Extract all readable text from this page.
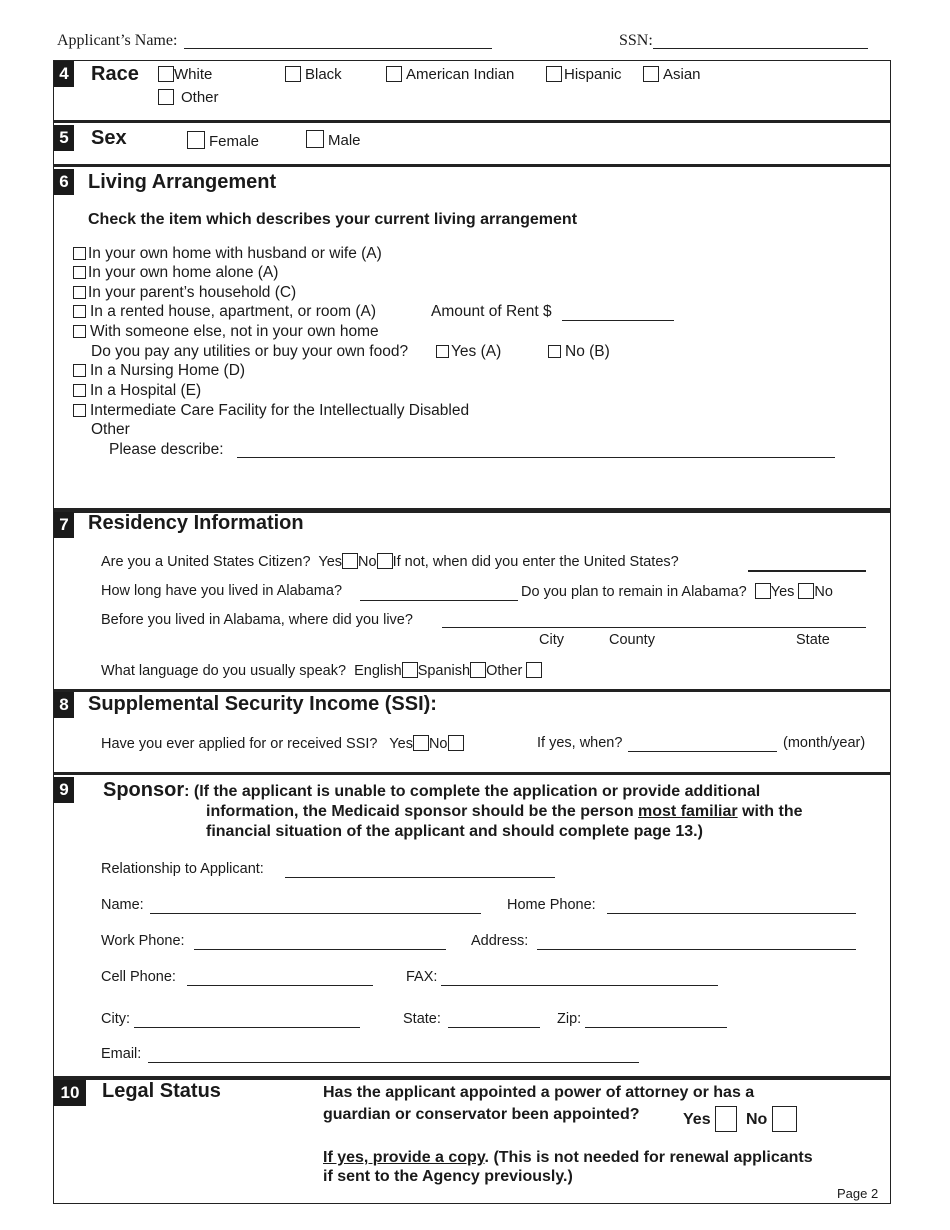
Applicant’s Name:	SSN:
4 Race	White	Black	American Indian	Hispanic	Asian
Other
5 Sex	Female	Male
6 Living Arrangement
Check the item which describes your current living arrangement
In your own home with husband or wife (A)
In your own home alone (A)
In your parent’s household (C)
In a rented house, apartment, or room (A)	Amount of Rent $
With someone else, not in your own home
Do you pay any utilities or buy your own food?	Yes (A)	No (B)
In a Nursing Home (D)
In a Hospital (E)
Intermediate Care Facility for the Intellectually Disabled
Other
Please describe:
7 Residency Information
Are you a United States Citizen? Yes No If not, when did you enter the United States?
How long have you lived in Alabama?	Do you plan to remain in Alabama? Yes No
Before you lived in Alabama, where did you live?
City	County	State
What language do you usually speak? English Spanish Other
8 Supplemental Security Income (SSI):
Have you ever applied for or received SSI? Yes No	If yes, when?	(month/year)
9 Sponsor: (If the applicant is unable to complete the application or provide additional
information, the Medicaid sponsor should be the person most familiar with the
financial situation of the applicant and should complete page 13.)
Relationship to Applicant:
Name:	Home Phone:
Work Phone:	Address:
Cell Phone:	FAX:
City:	State:	Zip:
Email:
10	Legal Status	Has the applicant appointed a power of attorney or has a
guardian or conservator been appointed?	Yes No
If yes, provide a copy. (This is not needed for renewal applicants
if sent to the Agency previously.)
Page 2
